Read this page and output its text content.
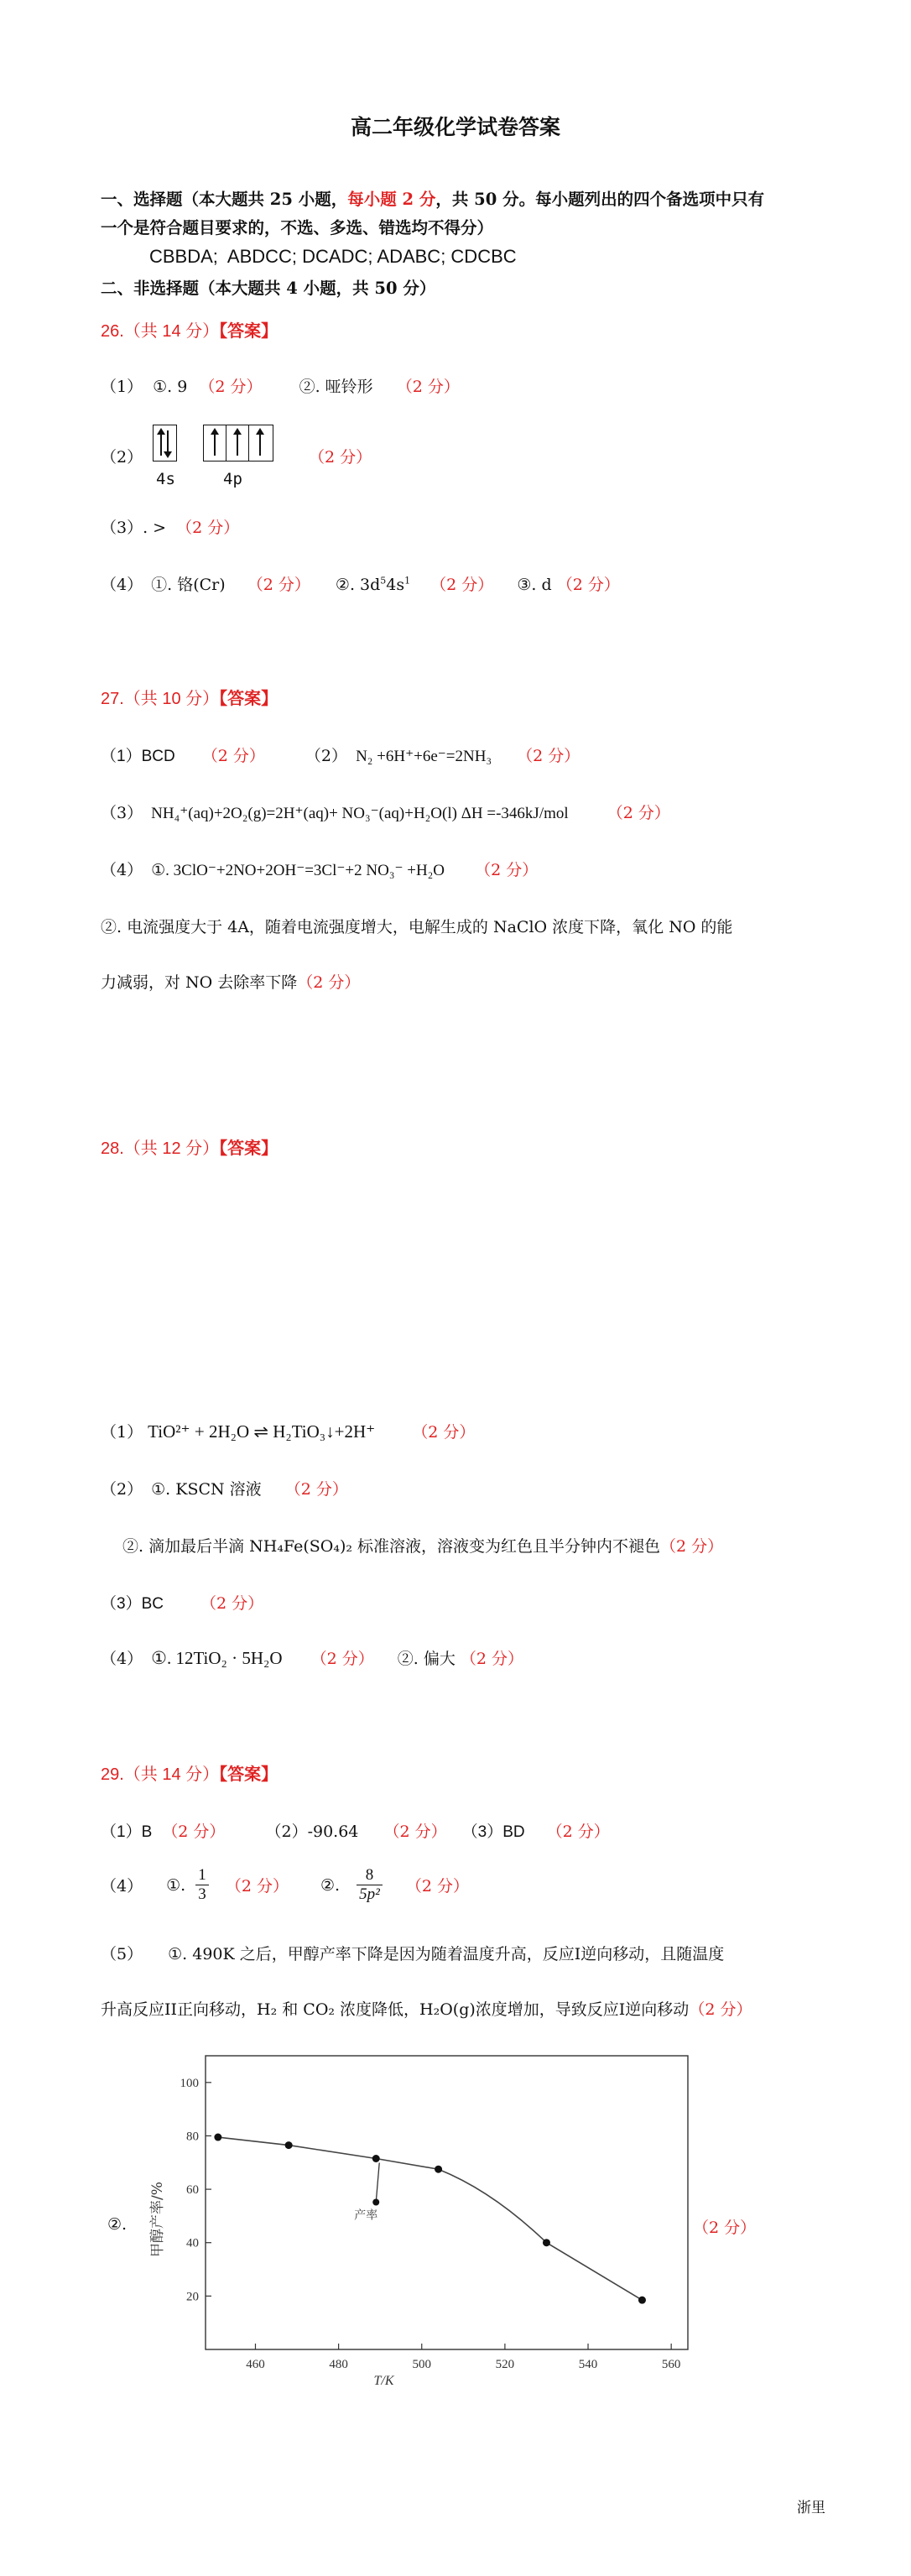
高二年级化学试卷答案
一、选择题（本大题共 25 小题，每小题 2 分，共 50 分。每小题列出的四个备选项中只有
一个是符合题目要求的，不选、多选、错选均不得分）
CBBDA;  ABDCC; DCADC; ADABC; CDCBC
二、非选择题（本大题共 4 小题，共 50 分）
26.（共 14 分）【答案】
（1） ①. 9 （2 分） ②. 哑铃形 （2 分）
（2）
4s	4p
（2 分）
（3）. > （2 分）
（4） ①. 铬(Cr) （2 分） ②. $3d^54s^1$ （2 分） ③. d （2 分）
27.（共 10 分）【答案】
（1）BCD （2 分）	（2） N₂ +6H⁺+6e⁻=2NH₃ （2 分）
（3） NH₄⁺(aq)+2O₂(g)=2H⁺(aq)+ NO₃⁻(aq)+H₂O(l) ΔH =-346kJ/mol （2 分）
（4） ①. 3ClO⁻+2NO+2OH⁻=3Cl⁻+2 NO₃⁻ +H₂O （2 分）
②. 电流强度大于 4A，随着电流强度增大，电解生成的 NaClO 浓度下降，氧化 NO 的能
力减弱，对 NO 去除率下降（2 分）
28.（共 12 分）【答案】
（1） TiO²⁺ + 2H₂O ⇌ H₂TiO₃↓+2H⁺ （2 分）
（2） ①. KSCN 溶液 （2 分）
②. 滴加最后半滴 NH₄Fe(SO₄)₂ 标准溶液，溶液变为红色且半分钟内不褪色（2 分）
（3）BC （2 分）
（4） ①. 12TiO₂ · 5H₂O （2 分） ②. 偏大 （2 分）
29.（共 14 分）【答案】
（1）B （2 分）	（2）-90.64 （2 分） （3）BD （2 分）
（4） ①. $\frac{1}{3} (2$ 分） ②. $\frac{8}{\text{5p²}} (2$ 分）
（5） ①. 490K 之后，甲醇产率下降是因为随着温度升高，反应I逆向移动，且随温度
升高反应II正向移动，H₂ 和 CO₂ 浓度降低，H₂O(g)浓度增加，导致反应I逆向移动（2 分）
②.	（2 分）
20
40
60
80
100
460	480	500	520	540	560
产率
T/K
甲醇产率/%
浙里
